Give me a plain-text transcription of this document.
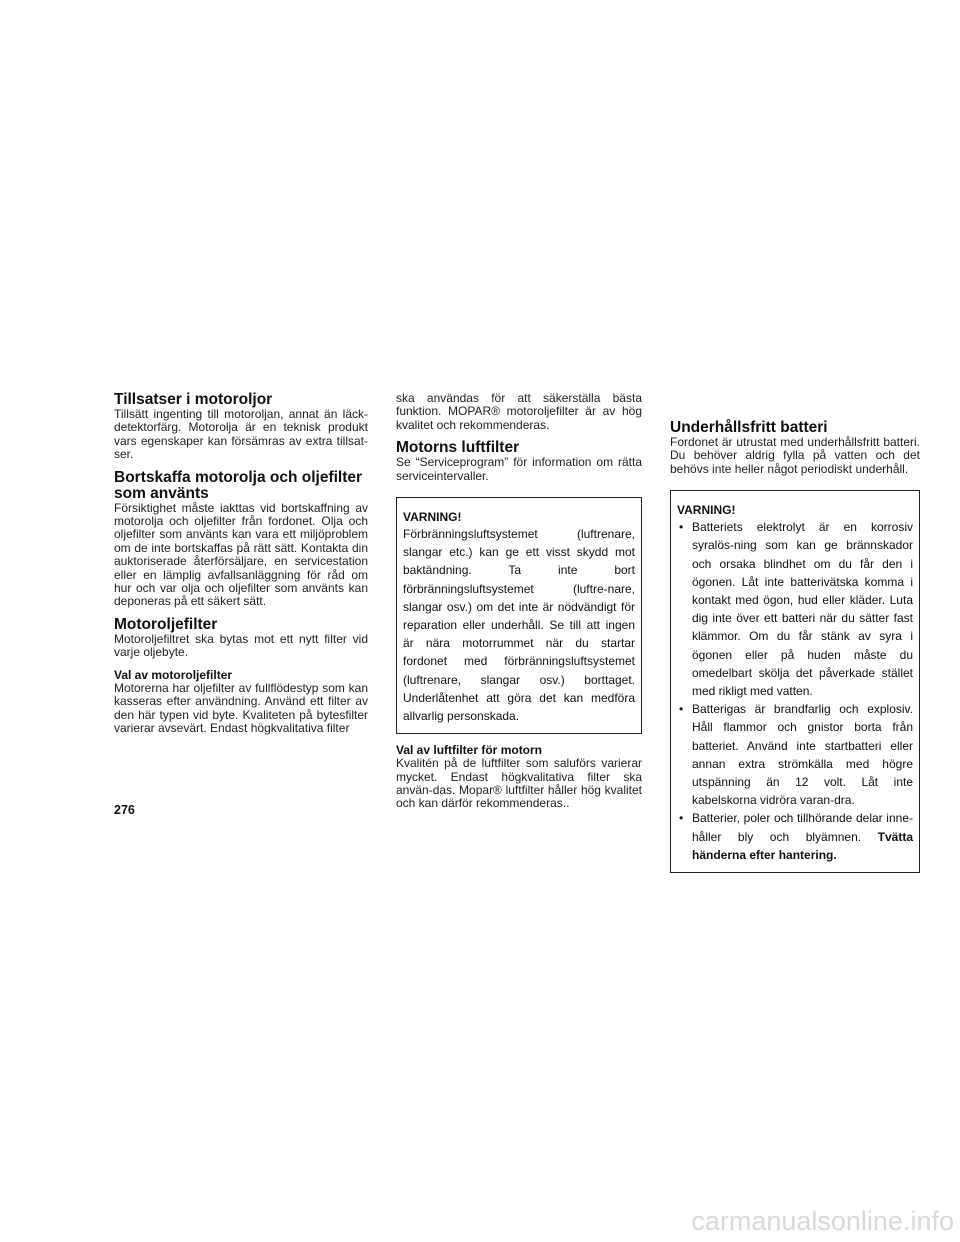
Tillsatser i motoroljor

Tillsätt ingenting till motoroljan, annat än läck-detektorfärg. Motorolja är en teknisk produkt vars egenskaper kan försämras av extra tillsat-ser.

Bortskaffa motorolja och oljefilter som använts

Försiktighet måste iakttas vid bortskaffning av motorolja och oljefilter från fordonet. Olja och oljefilter som använts kan vara ett miljöproblem om de inte bortskaffas på rätt sätt. Kontakta din auktoriserade återförsäljare, en servicestation eller en lämplig avfallsanläggning för råd om hur och var olja och oljefilter som använts kan deponeras på ett säkert sätt.

Motoroljefilter

Motoroljefiltret ska bytas mot ett nytt filter vid varje oljebyte.

Val av motoroljefilter

Motorerna har oljefilter av fullflödestyp som kan kasseras efter användning. Använd ett filter av den här typen vid byte. Kvaliteten på bytesfilter varierar avsevärt. Endast högkvalitativa filter

ska användas för att säkerställa bästa funktion. MOPAR® motoroljefilter är av hög kvalitet och rekommenderas.

Motorns luftfilter

Se “Serviceprogram” för information om rätta serviceintervaller.

VARNING!
Förbränningsluftsystemet (luftrenare, slangar etc.) kan ge ett visst skydd mot baktändning. Ta inte bort förbränningsluftsystemet (luftre-nare, slangar osv.) om det inte är nödvändigt för reparation eller underhåll. Se till att ingen är nära motorrummet när du startar fordonet med förbränningsluftsystemet (luftrenare, slangar osv.) borttaget. Underlåtenhet att göra det kan medföra allvarlig personskada.
Val av luftfilter för motorn

Kvalitén på de luftfilter som saluförs varierar mycket. Endast högkvalitativa filter ska använ-das. Mopar® luftfilter håller hög kvalitet och kan därför rekommenderas..

Underhållsfritt batteri

Fordonet är utrustat med underhållsfritt batteri. Du behöver aldrig fylla på vatten och det behövs inte heller något periodiskt underhåll.

VARNING!
• Batteriets elektrolyt är en korrosiv syralös-ning som kan ge brännskador och orsaka blindhet om du får den i ögonen. Låt inte batterivätska komma i kontakt med ögon, hud eller kläder. Luta dig inte över ett batteri när du sätter fast klämmor. Om du får stänk av syra i ögonen eller på huden måste du omedelbart skölja det påverkade stället med rikligt med vatten.
• Batterigas är brandfarlig och explosiv. Håll flammor och gnistor borta från batteriet. Använd inte startbatteri eller annan extra strömkälla med högre utspänning än 12 volt. Låt inte kabelskorna vidröra varan-dra.
• Batterier, poler och tillhörande delar inne-håller bly och blyämnen. Tvätta händerna efter hantering.
276
carmanualsonline.info
